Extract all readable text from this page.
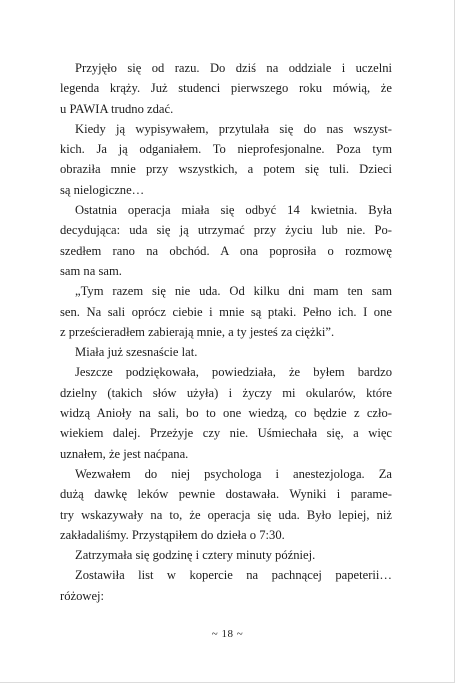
Przyjęło się od razu. Do dziś na oddziale i uczelni
legenda krąży. Już studenci pierwszego roku mówią, że
u PAWIA trudno zdać.
Kiedy ją wypisywałem, przytulała się do nas wszyst-
kich. Ja ją odganiałem. To nieprofesjonalne. Poza tym
obraziła mnie przy wszystkich, a potem się tuli. Dzieci
są nielogiczne…
Ostatnia operacja miała się odbyć 14 kwietnia. Była
decydująca: uda się ją utrzymać przy życiu lub nie. Po-
szedłem rano na obchód. A ona poprosiła o rozmowę
sam na sam.
„Tym razem się nie uda. Od kilku dni mam ten sam
sen. Na sali oprócz ciebie i mnie są ptaki. Pełno ich. I one
z prześcieradłem zabierają mnie, a ty jesteś za ciężki”.
Miała już szesnaście lat.
Jeszcze podziękowała, powiedziała, że byłem bardzo
dzielny (takich słów użyła) i życzy mi okularów, które
widzą Anioły na sali, bo to one wiedzą, co będzie z czło-
wiekiem dalej. Przeżyje czy nie. Uśmiechała się, a więc
uznałem, że jest naćpana.
Wezwałem do niej psychologa i anestezjologa. Za
dużą dawkę leków pewnie dostawała. Wyniki i parame-
try wskazywały na to, że operacja się uda. Było lepiej, niż
zakładaliśmy. Przystąpiłem do dzieła o 7:30.
Zatrzymała się godzinę i cztery minuty później.
Zostawiła list w kopercie na pachnącej papeterii…
różowej:
~ 18 ~
